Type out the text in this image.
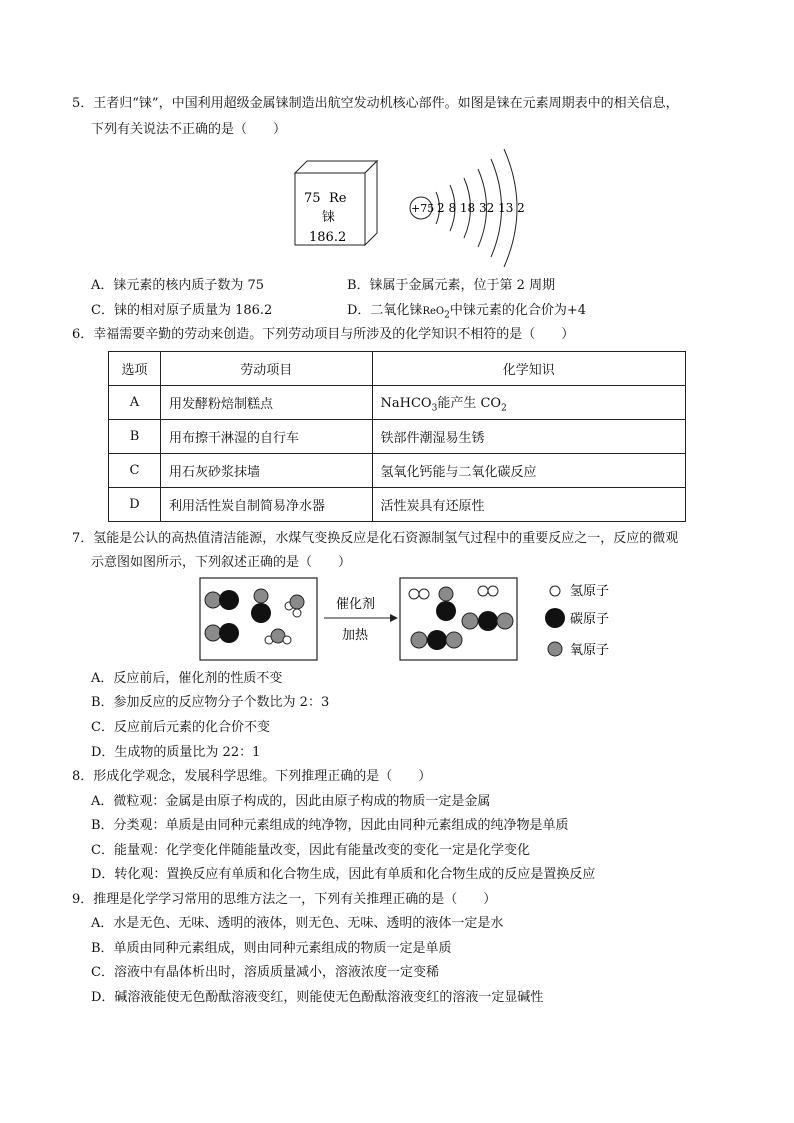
5．王者归“铼”，中国利用超级金属铼制造出航空发动机核心部件。如图是铼在元素周期表中的相关信息，
下列有关说法不正确的是（　　）
75 Re
铼
186.2
+75 2 8 18 32 13 2
A．铼元素的核内质子数为 75	B．铼属于金属元素，位于第 2 周期
C．铼的相对原子质量为 186.2	D．二氧化铼ReO$_2$中铼元素的化合价为+4
6．幸福需要辛勤的劳动来创造。下列劳动项目与所涉及的化学知识不相符的是（　　）
选项	劳动项目	化学知识
A	用发酵粉焙制糕点	NaHCO$_3$能产生 $CO_2$
B	用布擦干淋湿的自行车	铁部件潮湿易生锈
C	用石灰砂浆抹墙	氢氧化钙能与二氧化碳反应
D	利用活性炭自制简易净水器	活性炭具有还原性
7．氢能是公认的高热值清洁能源，水煤气变换反应是化石资源制氢气过程中的重要反应之一，反应的微观
示意图如图所示，下列叙述正确的是（　　）
催化剂
加热
氢原子
碳原子
氧原子
A．反应前后，催化剂的性质不变
B．参加反应的反应物分子个数比为 2：3
C．反应前后元素的化合价不变
D．生成物的质量比为 22：1
8．形成化学观念，发展科学思维。下列推理正确的是（　　）
A．微粒观：金属是由原子构成的，因此由原子构成的物质一定是金属
B．分类观：单质是由同种元素组成的纯净物，因此由同种元素组成的纯净物是单质
C．能量观：化学变化伴随能量改变，因此有能量改变的变化一定是化学变化
D．转化观：置换反应有单质和化合物生成，因此有单质和化合物生成的反应是置换反应
9．推理是化学学习常用的思维方法之一，下列有关推理正确的是（　　）
A．水是无色、无味、透明的液体，则无色、无味、透明的液体一定是水
B．单质由同种元素组成，则由同种元素组成的物质一定是单质
C．溶液中有晶体析出时，溶质质量减小，溶液浓度一定变稀
D．碱溶液能使无色酚酞溶液变红，则能使无色酚酞溶液变红的溶液一定显碱性
